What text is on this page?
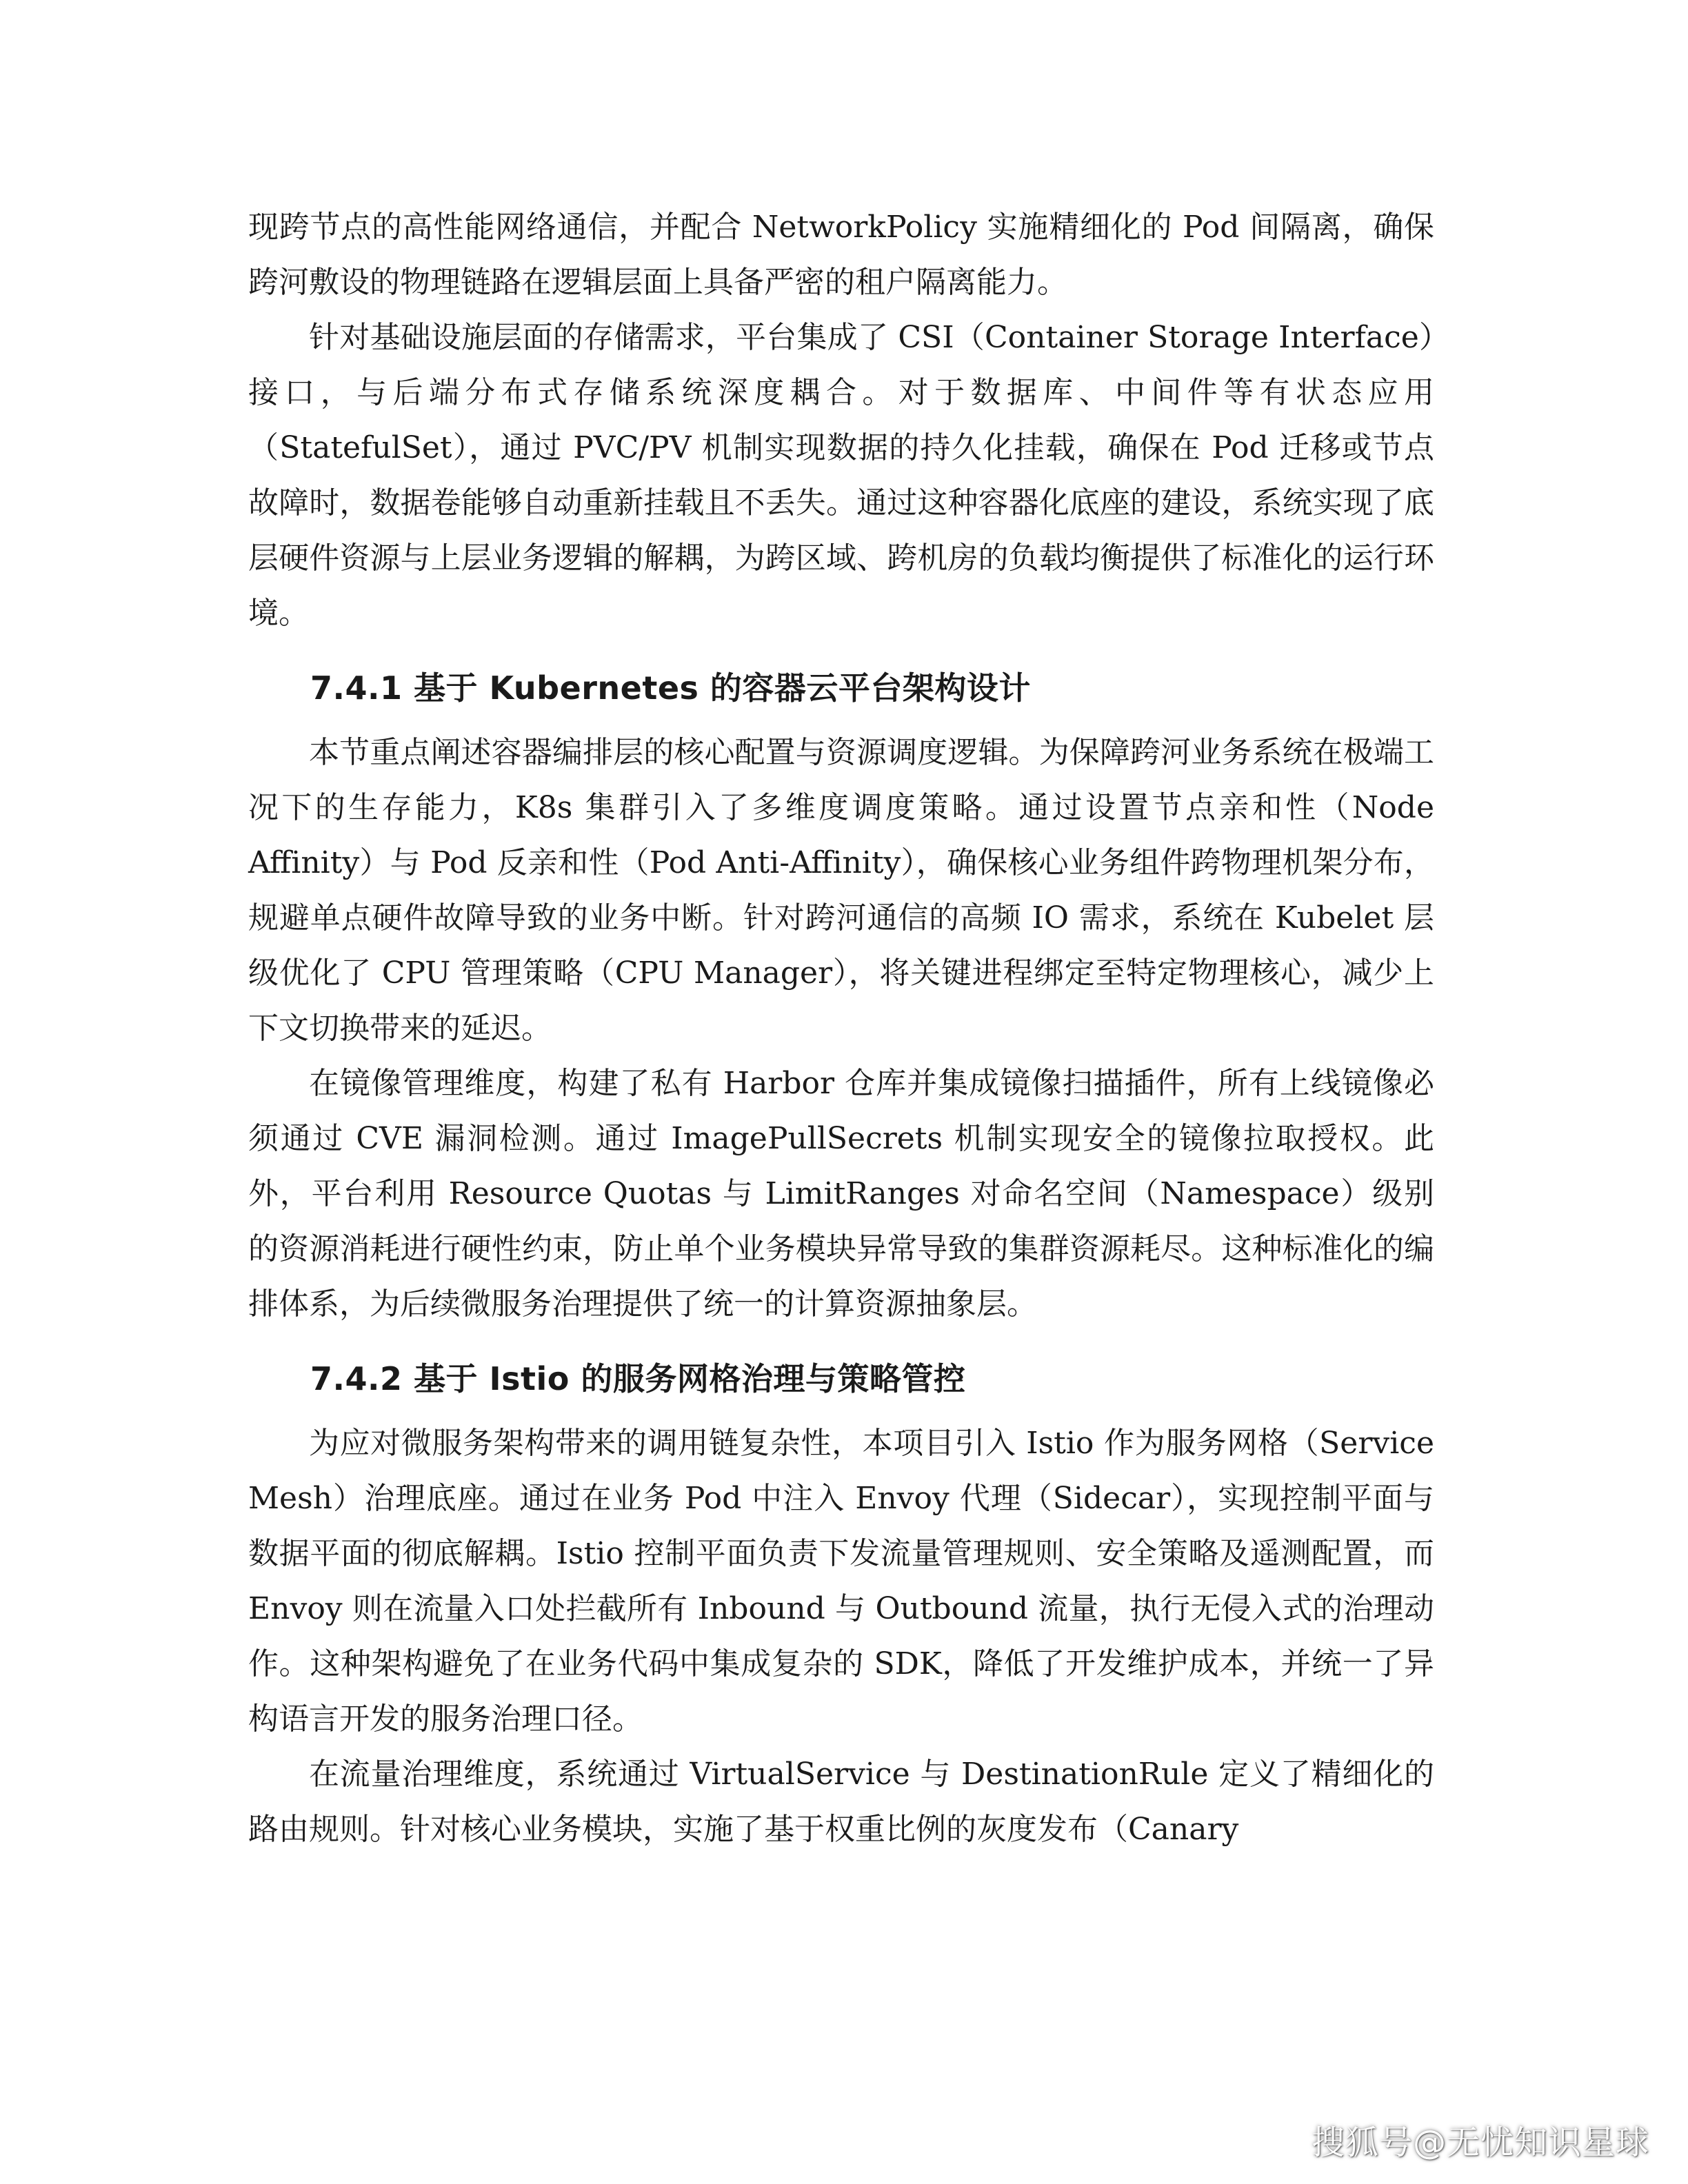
现跨节点的高性能网络通信，并配合 NetworkPolicy 实施精细化的 Pod 间隔离，确保跨河敷设的物理链路在逻辑层面上具备严密的租户隔离能力。

针对基础设施层面的存储需求，平台集成了 CSI（Container Storage Interface）接口，与后端分布式存储系统深度耦合。对于数据库、中间件等有状态应用（StatefulSet），通过 PVC/PV 机制实现数据的持久化挂载，确保在 Pod 迁移或节点故障时，数据卷能够自动重新挂载且不丢失。通过这种容器化底座的建设，系统实现了底层硬件资源与上层业务逻辑的解耦，为跨区域、跨机房的负载均衡提供了标准化的运行环境。

7.4.1 基于 Kubernetes 的容器云平台架构设计

本节重点阐述容器编排层的核心配置与资源调度逻辑。为保障跨河业务系统在极端工况下的生存能力，K8s 集群引入了多维度调度策略。通过设置节点亲和性（Node Affinity）与 Pod 反亲和性（Pod Anti-Affinity），确保核心业务组件跨物理机架分布，规避单点硬件故障导致的业务中断。针对跨河通信的高频 IO 需求，系统在 Kubelet 层级优化了 CPU 管理策略（CPU Manager），将关键进程绑定至特定物理核心，减少上下文切换带来的延迟。

在镜像管理维度，构建了私有 Harbor 仓库并集成镜像扫描插件，所有上线镜像必须通过 CVE 漏洞检测。通过 ImagePullSecrets 机制实现安全的镜像拉取授权。此外，平台利用 Resource Quotas 与 LimitRanges 对命名空间（Namespace）级别的资源消耗进行硬性约束，防止单个业务模块异常导致的集群资源耗尽。这种标准化的编排体系，为后续微服务治理提供了统一的计算资源抽象层。

7.4.2 基于 Istio 的服务网格治理与策略管控

为应对微服务架构带来的调用链复杂性，本项目引入 Istio 作为服务网格（Service Mesh）治理底座。通过在业务 Pod 中注入 Envoy 代理（Sidecar），实现控制平面与数据平面的彻底解耦。Istio 控制平面负责下发流量管理规则、安全策略及遥测配置，而 Envoy 则在流量入口处拦截所有 Inbound 与 Outbound 流量，执行无侵入式的治理动作。这种架构避免了在业务代码中集成复杂的 SDK，降低了开发维护成本，并统一了异构语言开发的服务治理口径。

在流量治理维度，系统通过 VirtualService 与 DestinationRule 定义了精细化的路由规则。针对核心业务模块，实施了基于权重比例的灰度发布（Canary

搜狐号@无忧知识星球
